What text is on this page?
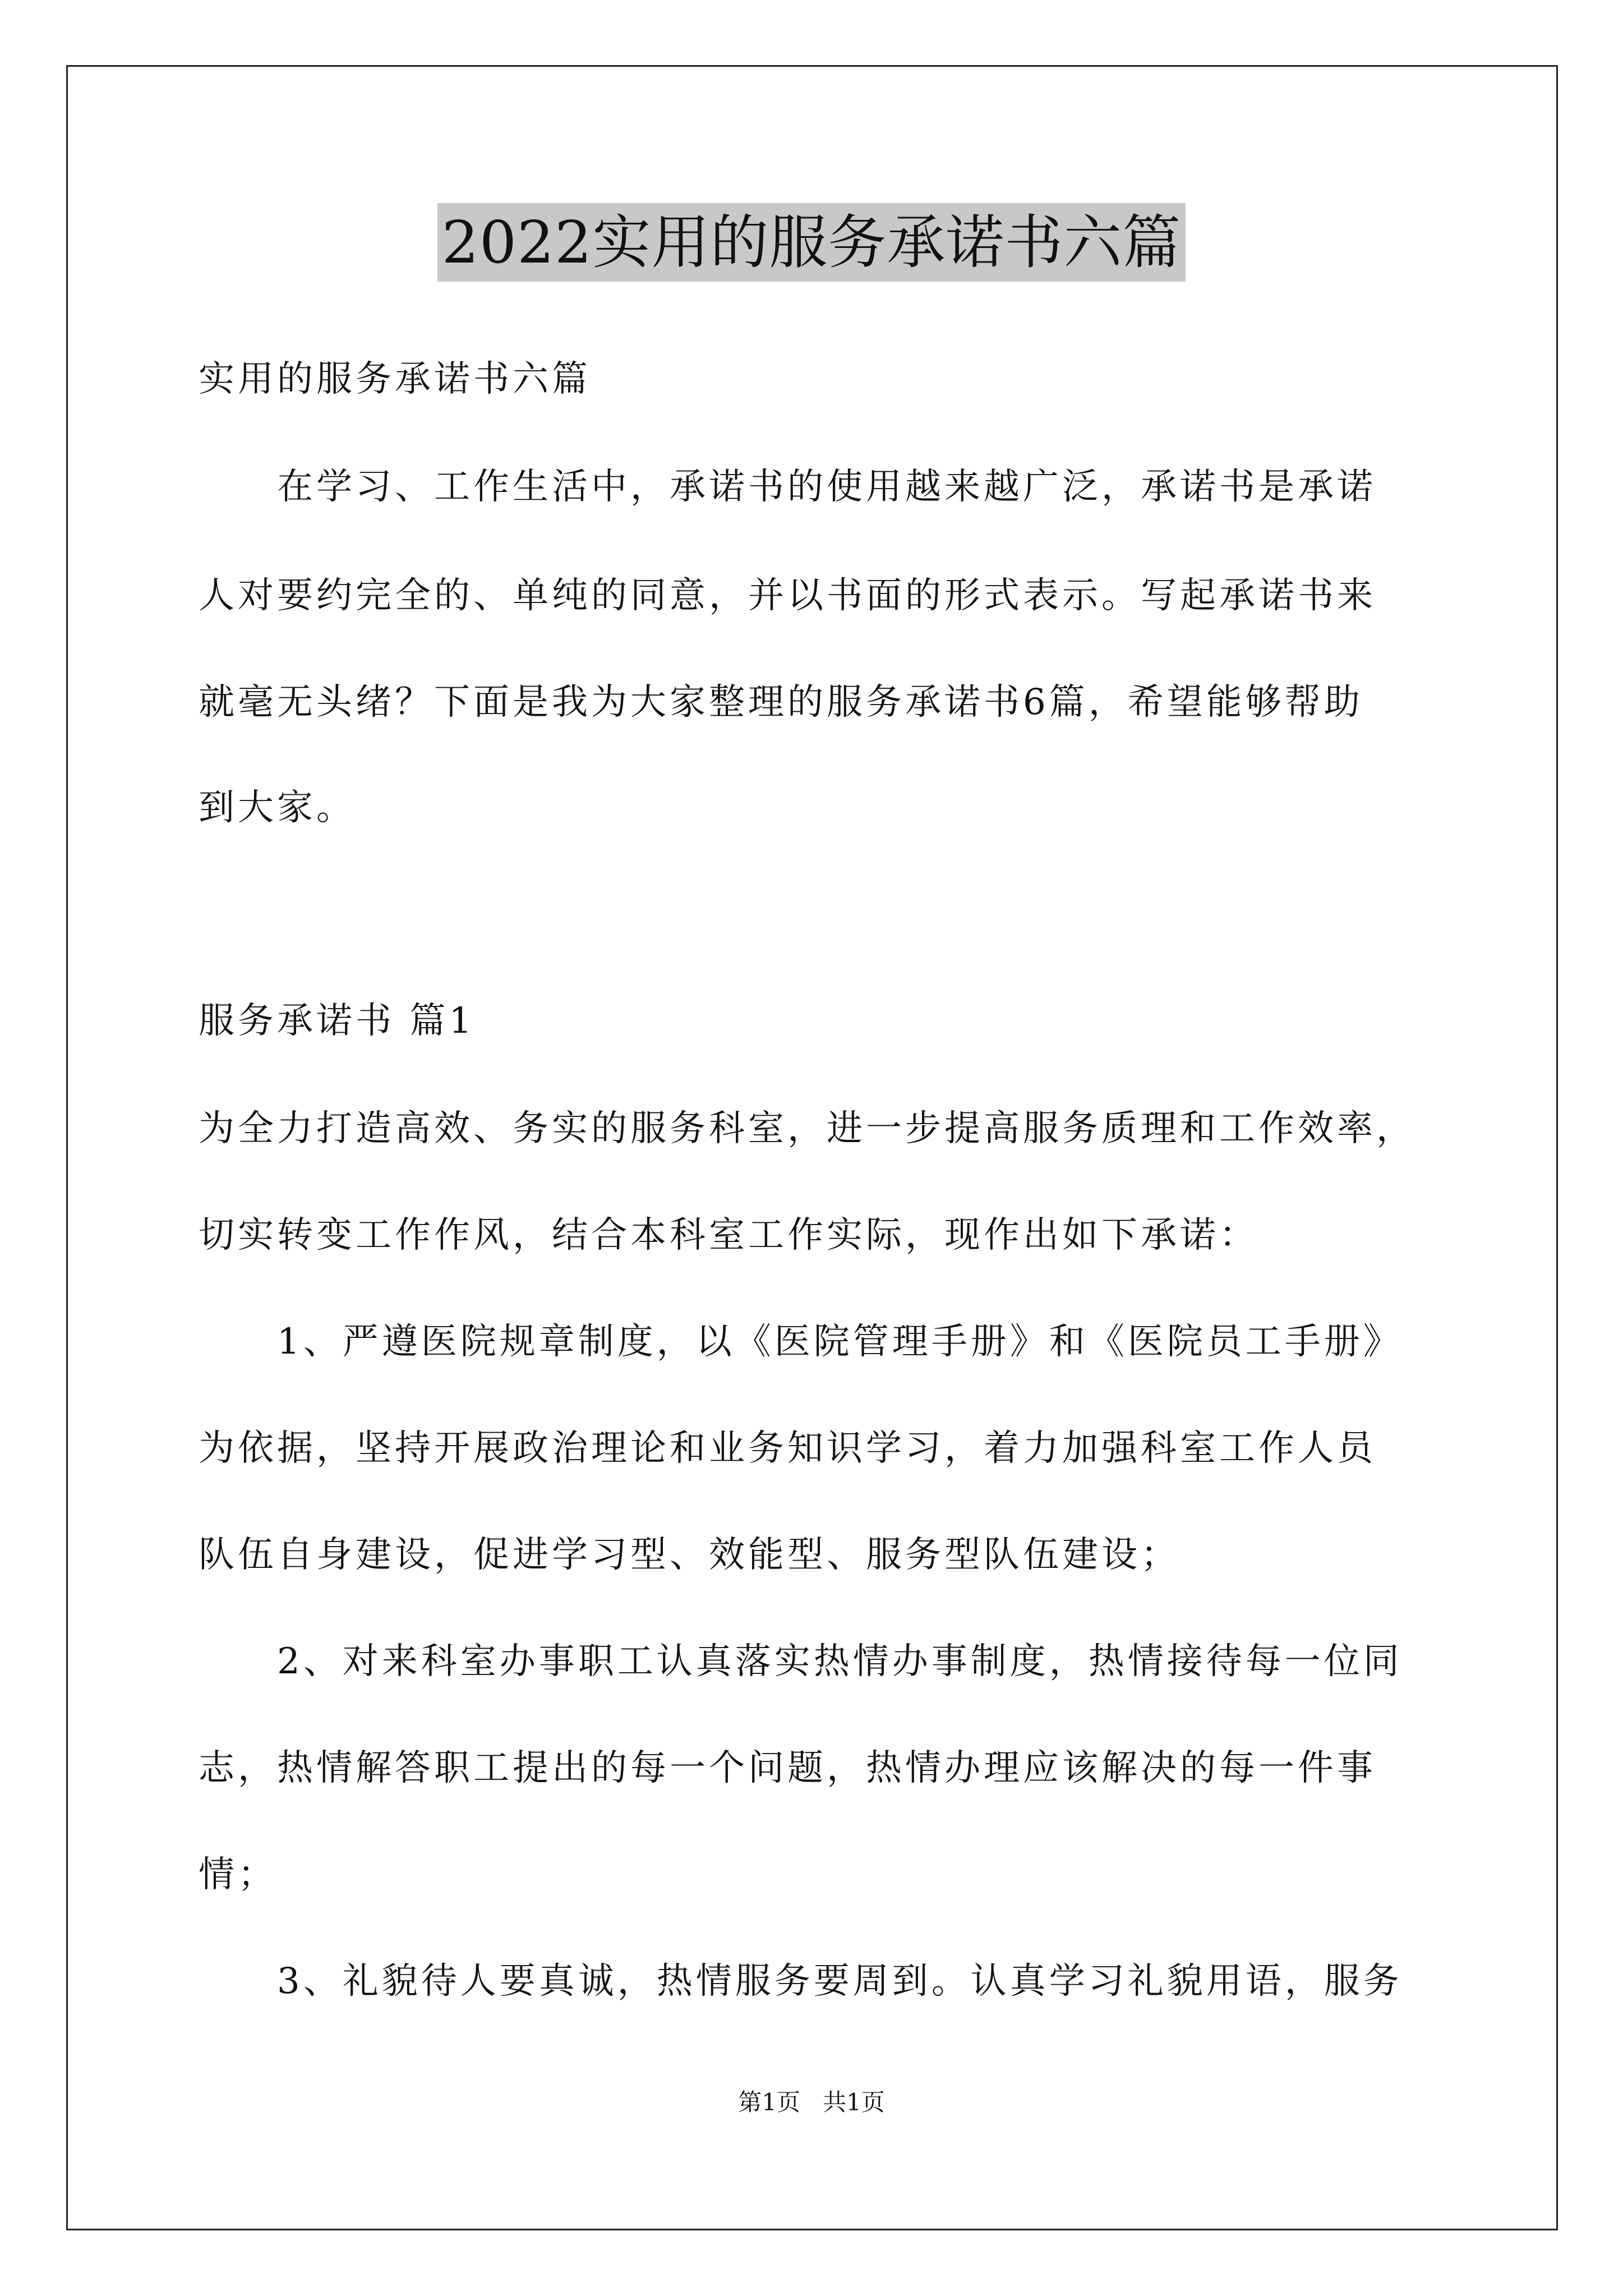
2022实用的服务承诺书六篇
实用的服务承诺书六篇
在学习、工作生活中，承诺书的使用越来越广泛，承诺书是承诺
人对要约完全的、单纯的同意，并以书面的形式表示。写起承诺书来
就毫无头绪？下面是我为大家整理的服务承诺书6篇，希望能够帮助
到大家。
服务承诺书 篇1
为全力打造高效、务实的服务科室，进一步提高服务质理和工作效率，
切实转变工作作风，结合本科室工作实际，现作出如下承诺：
1、严遵医院规章制度，以《医院管理手册》和《医院员工手册》
为依据，坚持开展政治理论和业务知识学习，着力加强科室工作人员
队伍自身建设，促进学习型、效能型、服务型队伍建设；
2、对来科室办事职工认真落实热情办事制度，热情接待每一位同
志，热情解答职工提出的每一个问题，热情办理应该解决的每一件事
情；
3、礼貌待人要真诚，热情服务要周到。认真学习礼貌用语，服务
第1页   共1页
